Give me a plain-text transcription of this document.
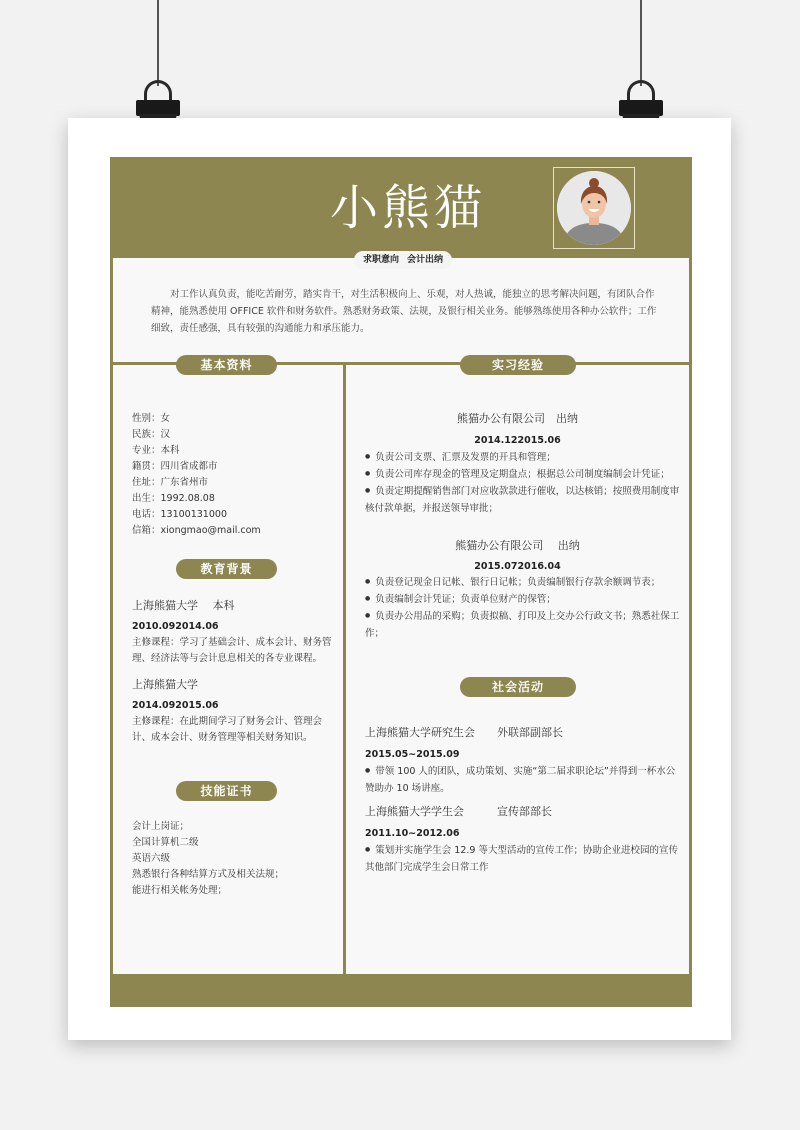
小熊猫
求职意向 会计出纳

对工作认真负责，能吃苦耐劳，踏实肯干，对生活积极向上、乐观，对人热诚，能独立的思考解决问题，有团队合作精神，能熟悉使用 OFFICE 软件和财务软件。熟悉财务政策、法规，及银行相关业务。能够熟练使用各种办公软件；工作细致，责任感强，具有较强的沟通能力和承压能力。

基本资料
性别：女
民族：汉
专业：本科
籍贯：四川省成都市
住址：广东省州市
出生：1992.08.08
电话：13100131000
信箱：xiongmao@mail.com
教育背景
上海熊猫大学　 本科
2010.092014.06
主修课程：学习了基础会计、成本会计、财务管理、经济法等与会计息息相关的各专业课程。
上海熊猫大学
2014.092015.06
主修课程：在此期间学习了财务会计、管理会计、成本会计、财务管理等相关财务知识。
技能证书
会计上岗证；
全国计算机二级
英语六级
熟悉银行各种结算方式及相关法规；
能进行相关帐务处理；
实习经验
熊猫办公有限公司　出纳
2014.122015.06
● 负责公司支票、汇票及发票的开具和管理；
● 负责公司库存现金的管理及定期盘点；根据总公司制度编制会计凭证；
● 负责定期提醒销售部门对应收款款进行催收，以达核销；按照费用制度审核付款单据，并报送领导审批；
熊猫办公有限公司　 出纳
2015.072016.04
● 负责登记现金日记帐、银行日记帐；负责编制银行存款余额调节表；
● 负责编制会计凭证；负责单位财产的保管；
● 负责办公用品的采购；负责拟稿、打印及上交办公行政文书；熟悉社保工作；
社会活动
上海熊猫大学研究生会　　外联部副部长
2015.05~2015.09
● 带领 100 人的团队，成功策划、实施“第二届求职论坛”并得到一杯水公赞助办 10 场讲座。
上海熊猫大学学生会　　　宣传部部长
2011.10~2012.06
● 策划并实施学生会 12.9 等大型活动的宣传工作；协助企业进校园的宣传其他部门完成学生会日常工作
